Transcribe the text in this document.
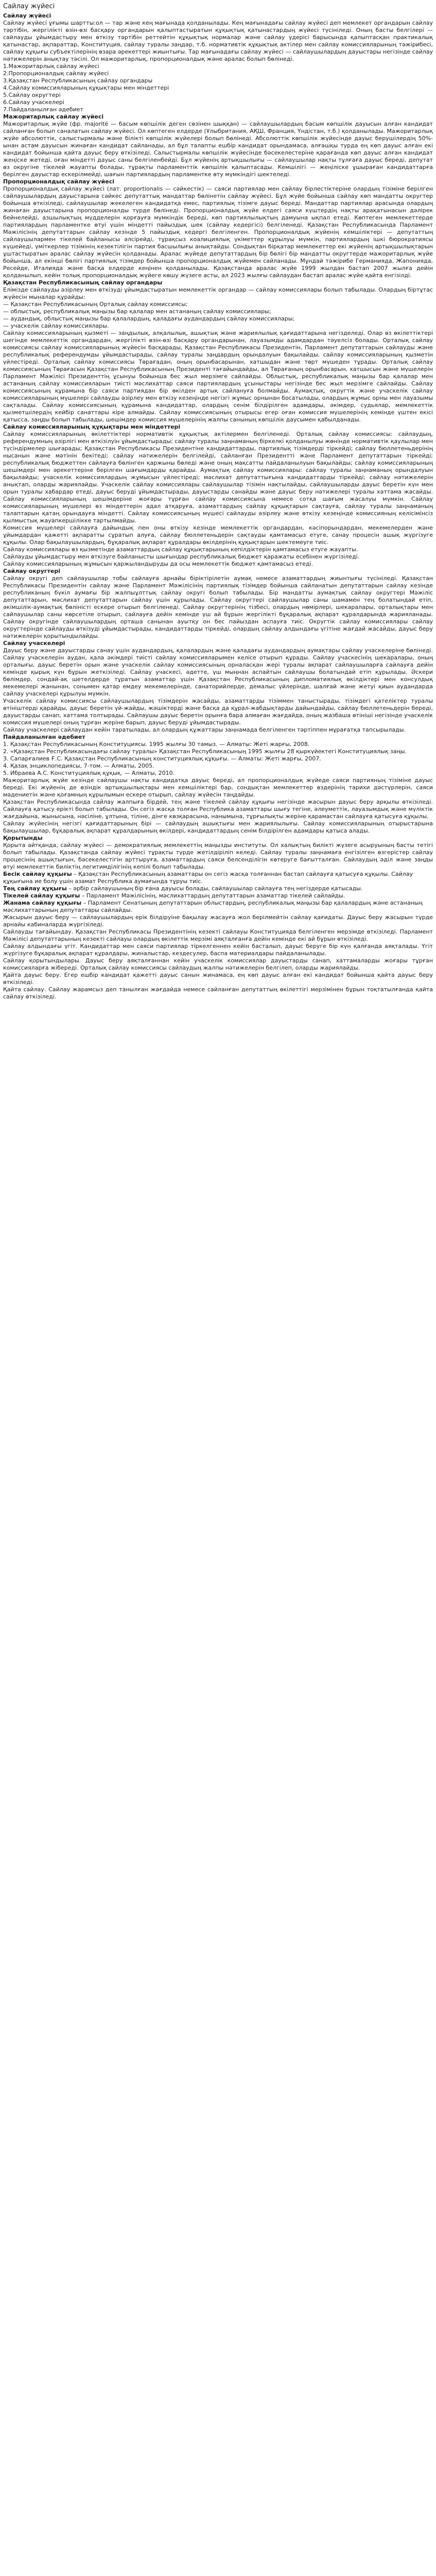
Сайлау жүйесі
Сайлау жүйесі

Сайлау жүйесі ұғымы шартты:ол — тар және кең мағынада қолданылады. Кең мағынадағы сайлау жүйесі деп мемлекет органдарын сайлау тәртібін, жергілікті өзін-өзі басқару органдарын қалыптастыратын құқықтық қатынастардың жүйесі түсініледі. Оның басты белгілері — сайлауды ұйымдастыру мен өткізу тәртібін реттейтін құқықтық нормалар және сайлау үдерісі барысында қалыптасқан практикалық қатынастар, ақпараттар, Конституция, сайлау туралы заңдар, т.б. нормативтік құқықтық актілер мен сайлау комиссияларының тәжірибесі, сайлау құқығы субъектілерінің өзара әрекеттері жиынтығы. Тар мағынадағы сайлау жүйесі — сайлаушылардың дауыстары негізінде сайлау нәтижелерін анықтау тәсілі. Ол мажоритарлық, пропорционалдық және аралас болып бөлінеді.

1.Мажоритарлық сайлау жүйесі

2.Пропорционалдық сайлау жүйесі

3.Қазақстан Республикасының сайлау органдары

4.Сайлау комиссияларының құқықтары мен міндеттері

5.Сайлау округтері

6.Сайлау учаскелері

7.Пайдаланылған әдебиет

Мажоритарлық сайлау жүйесі

Мажоритарлық жүйе (фр. majorité — басым көпшілік деген сөзінен шыққан) — сайлаушылардың басым көпшілік дауысын алған кандидат сайланған болып саналатын сайлау жүйесі. Ол көптеген елдерде (Ұлыбритания, АҚШ, Франция, Үндістан, т.б.) қолданылады. Мажоритарлық жүйе абсолюттік, салыстырмалы және білікті көпшілік жүйелері болып бөлінеді. Абсолюттік көпшілік жүйесінде дауыс берушілердің 50%-ынан астам дауысын жинаған кандидат сайланады, ал бұл талапты ешбір кандидат орындамаса, алғашқы турда ең көп дауыс алған екі кандидат бойынша қайта дауыс беру өткізіледі. Салыстырмалы көпшілік жүйесінде бәсекелестеріне қарағанда көп дауыс алған кандидат жеңіске жетеді, оған міндетті дауыс саны белгіленбейді. Бұл жүйенің артықшылығы — сайлаушылар нақты тұлғаға дауыс береді, депутат өз округіне тікелей жауапты болады, тұрақты парламенттік көпшілік қалыптасады. Кемшілігі — жеңіліске ұшыраған кандидаттарға берілген дауыстар ескерілмейді, шағын партиялардың парламентке өту мүмкіндігі шектеледі.

Пропорционалдық сайлау жүйесі

Пропорционалдық сайлау жүйесі (лат. proportionalis — сәйкестік) — саяси партиялар мен сайлау бірлестіктеріне олардың тізіміне берілген сайлаушылардың дауыстарына сәйкес депутаттық мандаттар бөлінетін сайлау жүйесі. Бұл жүйе бойынша сайлау көп мандатты округтер бойынша өткізіледі, сайлаушылар жекелеген кандидатқа емес, партиялық тізімге дауыс береді. Мандаттар партиялар арасында олардың жинаған дауыстарына пропорционалды түрде бөлінеді. Пропорционалдық жүйе елдегі саяси күштердің нақты арақатынасын дәлірек бейнелейді, азшылықтың мүдделерін қорғауға мүмкіндік береді, көп партиялылықтың дамуына ықпал етеді. Көптеген мемлекеттерде партиялардың парламентке өтуі үшін міндетті пайыздық шек (сайлау кедергісі) белгіленеді. Қазақстан Республикасында Парламент Мәжілісінің депутаттарын сайлау кезінде 5 пайыздық кедергі белгіленген. Пропорционалдық жүйенің кемшіліктері — депутаттың сайлаушылармен тікелей байланысы әлсірейді, тұрақсыз коалициялық үкіметтер құрылуы мүмкін, партиялардың ішкі бюрократиясы күшейеді, үміткерлер тізімінің кезектілігін партия басшылығы анықтайды. Сондықтан бірқатар мемлекеттер екі жүйенің артықшылықтарын ұштастыратын аралас сайлау жүйесін қолданады. Аралас жүйеде депутаттардың бір бөлігі бір мандатты округтерде мажоритарлық жүйе бойынша, ал екінші бөлігі партиялық тізімдер бойынша пропорционалдық жүйемен сайланады. Мұндай тәжірибе Германияда, Жапонияда, Ресейде, Италияда және басқа елдерде кеңінен қолданылады. Қазақстанда аралас жүйе 1999 жылдан бастап 2007 жылға дейін қолданылып, кейін толық пропорционалдық жүйеге көшу жүзеге асты, ал 2023 жылғы сайлаудан бастап аралас жүйе қайта енгізілді.

Қазақстан Республикасының сайлау органдары

Елімізде сайлауды әзірлеу мен өткізуді ұйымдастыратын мемлекеттік органдар — сайлау комиссиялары болып табылады. Олардың біртұтас жүйесін мыналар құрайды:

— Қазақстан Республикасының Орталық сайлау комиссиясы;

— облыстық, республикалық маңызы бар қалалар мен астананың сайлау комиссиялары;

— аудандық, облыстық маңызы бар қалалардың, қаладағы аудандардың сайлау комиссиялары;

— учаскелік сайлау комиссиялары.

Сайлау комиссияларының қызметі — заңдылық, алқалылық, ашықтық және жариялылық қағидаттарына негізделеді. Олар өз өкілеттіктері шегінде мемлекеттік органдардан, жергілікті өзін-өзі басқару органдарынан, лауазымды адамдардан тәуелсіз болады. Орталық сайлау комиссиясы сайлау комиссияларының жүйесін басқарады, Қазақстан Республикасы Президентін, Парламент депутаттарын сайлауды және республикалық референдумды ұйымдастырады, сайлау туралы заңдардың орындалуын бақылайды, сайлау комиссияларының қызметін үйлестіреді. Орталық сайлау комиссиясы Төрағадан, оның орынбасарынан, хатшыдан және төрт мүшеден тұрады. Орталық сайлау комиссиясының Төрағасын Қазақстан Республикасының Президенті тағайындайды, ал Төрағаның орынбасарын, хатшысын және мүшелерін Парламент Мәжілісі Президенттің ұсынуы бойынша бес жыл мерзімге сайлайды. Облыстық, республикалық маңызы бар қалалар мен астананың сайлау комиссияларын тиісті мәслихаттар саяси партиялардың ұсыныстары негізінде бес жыл мерзімге сайлайды. Сайлау комиссиясының құрамына бір саяси партиядан бір өкілден артық сайлануға болмайды. Аумақтық, округтік және учаскелік сайлау комиссияларының мүшелері сайлауды әзірлеу мен өткізу кезеңінде негізгі жұмыс орнынан босатылады, олардың жұмыс орны мен лауазымы сақталады. Сайлау комиссиясының құрамына кандидаттар, олардың сенім білдірілген адамдары, әкімдер, судьялар, мемлекеттік қызметшілердің кейбір санаттары кіре алмайды. Сайлау комиссиясының отырысы егер оған комиссия мүшелерінің кемінде үштен екісі қатысса, заңды болып табылады, шешімдер комиссия мүшелерінің жалпы санының көпшілік даусымен қабылданады.

Сайлау комиссияларының құқықтары мен міндеттері

Сайлау комиссияларының өкілеттіктері нормативтік құқықтық актілермен белгіленеді. Орталық сайлау комиссиясы: сайлаудың, референдумның әзірлігі мен өткізілуін ұйымдастырады; сайлау туралы заңнаманың біркелкі қолданылуы жөнінде нормативтік қаулылар мен түсіндірмелер шығарады; Қазақстан Республикасы Президентіне кандидаттарды, партиялық тізімдерді тіркейді; сайлау бюллетеньдерінің нысанын және мәтінін бекітеді; сайлау нәтижелерін белгілейді, сайланған Президентті және Парламент депутаттарын тіркейді; республикалық бюджеттен сайлауға бөлінген қаржыны бөледі және оның мақсатты пайдаланылуын бақылайды; сайлау комиссияларының шешімдері мен әрекеттеріне берілген шағымдарды қарайды. Аумақтық сайлау комиссиялары: сайлау туралы заңнаманың орындалуын бақылайды; учаскелік комиссиялардың жұмысын үйлестіреді; мәслихат депутаттығына кандидаттарды тіркейді; сайлау нәтижелерін анықтап, оларды жариялайды. Учаскелік сайлау комиссиялары сайлаушылар тізімін нақтылайды, сайлаушыларды дауыс беретін күн мен орын туралы хабардар етеді, дауыс беруді ұйымдастырады, дауыстарды санайды және дауыс беру нәтижелері туралы хаттама жасайды. Сайлау комиссияларының шешімдеріне жоғары тұрған сайлау комиссиясына немесе сотқа шағым жасалуы мүмкін. Сайлау комиссияларының мүшелері өз міндеттерін адал атқаруға, азаматтардың сайлау құқықтарын сақтауға, сайлау туралы заңнаманың талаптарын қатаң орындауға міндетті. Сайлау комиссиясының мүшесі сайлауды әзірлеу және өткізу кезеңінде комиссияның келісімінсіз қылмыстық жауапкершілікке тартылмайды.

Комиссия мүшелері сайлауға дайындық пен оны өткізу кезінде мемлекеттік органдардан, кәсіпорындардан, мекемелерден және ұйымдардан қажетті ақпаратты сұратып алуға, сайлау бюллетеньдерін сақтауды қамтамасыз етуге, санау процесін ашық жүргізуге құқылы. Олар бақылаушылардың, бұқаралық ақпарат құралдары өкілдерінің құқықтарын шектемеуге тиіс.

Сайлау комиссиялары өз қызметінде азаматтардың сайлау құқықтарының кепілдіктерін қамтамасыз етуге жауапты.

Сайлауды ұйымдастыру мен өткізуге байланысты шығындар республикалық бюджет қаражаты есебінен жүргізіледі.

Сайлау комиссияларының жұмысын қаржыландыруды да осы мемлекеттік бюджет қамтамасыз етеді.

Сайлау округтері

Сайлау округі деп сайлаушылар тобы сайлауға арнайы біріктірілетін аумақ немесе азаматтардың жиынтығы түсініледі. Қазақстан Республикасы Президентін сайлау және Парламент Мәжілісінің партиялық тізімдер бойынша сайланатын депутаттарын сайлау кезінде республиканың бүкіл аумағы бір жалпыұлттық сайлау округі болып табылады. Бір мандатты аумақтық сайлау округтері Мәжіліс депутаттарын, мәслихат депутаттарын сайлау үшін құрылады. Сайлау округтері сайлаушылар саны шамамен тең болатындай етіп, әкімшілік-аумақтық бөліністі ескере отырып белгіленеді. Сайлау округтерінің тізбесі, олардың нөмірлері, шекаралары, орталықтары мен сайлаушылар саны көрсетіле отырып, сайлауға дейін кемінде үш ай бұрын жергілікті бұқаралық ақпарат құралдарында жарияланады. Сайлау округінде сайлаушылардың орташа санынан ауытқу он бес пайыздан аспауға тиіс. Округтік сайлау комиссиялары сайлау округтерінде сайлауды өткізуді ұйымдастырады, кандидаттарды тіркейді, олардың сайлау алдындағы үгітіне жағдай жасайды, дауыс беру нәтижелерін қорытындылайды.

Сайлау учаскелері

Дауыс беру және дауыстарды санау үшін аудандардың, қалалардың және қаладағы аудандардың аумақтары сайлау учаскелеріне бөлінеді. Сайлау учаскелерін аудан, қала әкімдері тиісті сайлау комиссияларымен келісе отырып құрады. Сайлау учаскесінің шекаралары, оның орталығы, дауыс беретін орын және учаскелік сайлау комиссиясының орналасқан жері туралы ақпарат сайлаушыларға сайлауға дейін кемінде қырық күн бұрын жеткізіледі. Сайлау учаскесі, әдетте, үш мыңнан аспайтын сайлаушы болатындай етіп құрылады. Әскери бөлімдер, сондай-ақ шетелдерде тұратын азаматтар үшін Қазақстан Республикасының дипломатиялық өкілдіктері мен консулдық мекемелері жанынан, сонымен қатар емдеу мекемелерінде, санаторийлерде, демалыс үйлерінде, шалғай және жетуі қиын аудандарда сайлау учаскелері құрылуы мүмкін.

Учаскелік сайлау комиссиясы сайлаушылардың тізімдерін жасайды, азаматтарды тізіммен таныстырады, тізімдегі қателіктер туралы өтініштерді қарайды, дауыс беретін үй-жайды, жәшіктерді және басқа да құрал-жабдықтарды дайындайды, сайлау бюллетеньдерін береді, дауыстарды санап, хаттама толтырады. Сайлаушы дауыс беретін орынға бара алмаған жағдайда, оның жазбаша өтініші негізінде учаскелік комиссия мүшелері оның тұрған жеріне барып, дауыс беруді ұйымдастырады.

Сайлау учаскелері сайлаудан кейін таратылады, ал олардың құжаттары заңнамада белгіленген тәртіппен мұрағатқа тапсырылады.

Пайдаланылған әдебиет

1. Қазақстан Республикасының Конституциясы. 1995 жылғы 30 тамыз. — Алматы: Жеті жарғы, 2008.

2. «Қазақстан Республикасындағы сайлау туралы» Қазақстан Республикасының 1995 жылғы 28 қыркүйектегі Конституциялық заңы.

3. Сапарғалиев Ғ.С. Қазақстан Республикасының конституциялық құқығы. — Алматы: Жеті жарғы, 2007.

4. Қазақ энциклопедиясы, 7-том. — Алматы, 2005.

5. Ибраева А.С. Конституциялық құқық. — Алматы, 2010.

Мажоритарлық жүйе кезінде сайлаушы нақты кандидатқа дауыс береді, ал пропорционалдық жүйеде саяси партияның тізіміне дауыс береді. Екі жүйенің де өзіндік артықшылықтары мен кемшіліктері бар, сондықтан мемлекеттер өздерінің тарихи дәстүрлерін, саяси мәдениетін және қоғамның құрылымын ескере отырып, сайлау жүйесін таңдайды.

Қазақстан Республикасында сайлау жалпыға бірдей, тең және тікелей сайлау құқығы негізінде жасырын дауыс беру арқылы өткізіледі. Сайлауға қатысу ерікті болып табылады. Он сегіз жасқа толған Республика азаматтары шығу тегіне, әлеуметтік, лауазымдық және мүліктік жағдайына, жынысына, нәсіліне, ұлтына, тіліне, дінге көзқарасына, нанымына, тұрғылықты жеріне қарамастан сайлауға қатысуға құқылы.

Сайлау жүйесінің негізгі қағидаттарының бірі — сайлаудың ашықтығы мен жариялылығы. Сайлау комиссияларының отырыстарына бақылаушылар, бұқаралық ақпарат құралдарының өкілдері, кандидаттардың сенім білдірілген адамдары қатыса алады.

Қорытынды

Қорыта айтқанда, сайлау жүйесі — демократиялық мемлекеттің маңызды институты. Ол халықтың билікті жүзеге асыруының басты тетігі болып табылады. Қазақстанда сайлау жүйесі тұрақты түрде жетілдіріліп келеді. Сайлау туралы заңнамаға енгізілген өзгерістер сайлау процесінің ашықтығын, бәсекелестігін арттыруға, азаматтардың саяси белсенділігін көтеруге бағытталған. Сайлаудың әділ және заңды өтуі мемлекеттік биліктің легитимділігінің кепілі болып табылады.

Бесік сайлау құқығы – Қазақстан Республикасының азаматтары он сегіз жасқа толғаннан бастап сайлауға қатысуға құқылы. Сайлау құқығына ие болу үшін азамат Республика аумағында тұруы тиіс.

Тең сайлау құқығы – әрбір сайлаушының бір ғана дауысы болады, сайлаушылар сайлауға тең негіздерде қатысады.

Тікелей сайлау құқығы – Парламент Мәжілісінің, мәслихаттардың депутаттарын азаматтар тікелей сайлайды.

Жанама сайлау құқығы – Парламент Сенатының депутаттарын облыстардың, республикалық маңызы бар қалалардың және астананың мәслихаттарының депутаттары сайлайды.

Жасырын дауыс беру — сайлаушылардың ерік білдіруіне бақылау жасауға жол берілмейтін сайлау қағидаты. Дауыс беру жасырын түрде арнайы кабиналарда жүргізіледі.

Сайлауды тағайындау. Қазақстан Республикасы Президентінің кезекті сайлауы Конституцияда белгіленген мерзімде өткізіледі. Парламент Мәжілісі депутаттарының кезекті сайлауы олардың өкілеттік мерзімі аяқталғанға дейін кемінде екі ай бұрын өткізіледі.

Сайлау алдындағы үгіт. Кандидаттар мен саяси партиялар тіркелгеннен кейін басталып, дауыс беруге бір күн қалғанда аяқталады. Үгіт жүргізуге бұқаралық ақпарат құралдары, жиналыстар, кездесулер, баспа материалдары пайдаланылады.

Сайлау қорытындылары. Дауыс беру аяқталғаннан кейін учаскелік комиссиялар дауыстарды санап, хаттамаларды жоғары тұрған комиссияларға жібереді. Орталық сайлау комиссиясы сайлаудың жалпы нәтижелерін белгілеп, оларды жариялайды.

Қайта дауыс беру. Егер ешбір кандидат қажетті дауыс санын жинамаса, ең көп дауыс алған екі кандидат бойынша қайта дауыс беру өткізіледі.

Қайта сайлау. Сайлау жарамсыз деп танылған жағдайда немесе сайланған депутаттың өкілеттігі мерзімінен бұрын тоқтатылғанда қайта сайлау өткізіледі.
